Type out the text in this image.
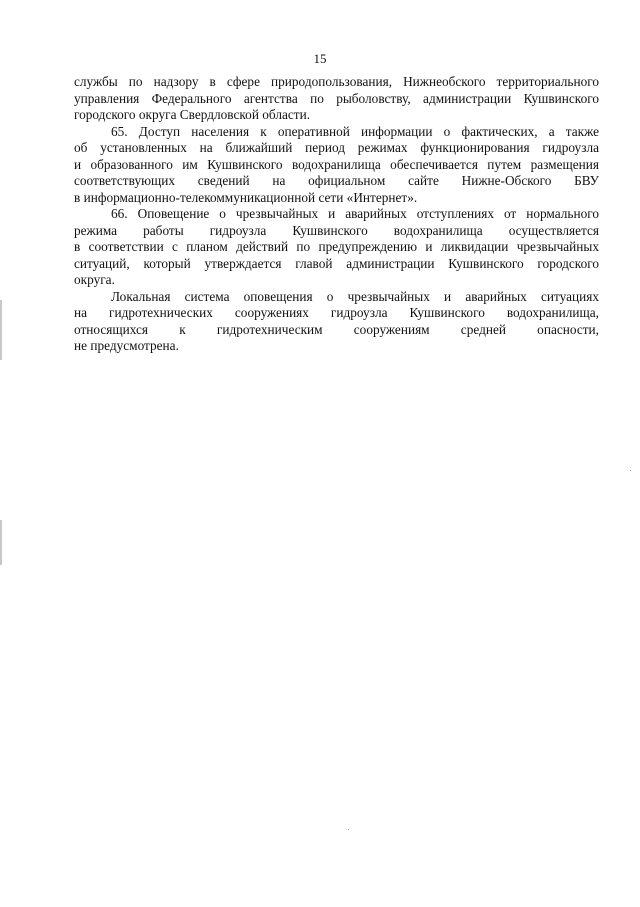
15
службы по надзору в сфере природопользования, Нижнеобского территориального
управления Федерального агентства по рыболовству, администрации Кушвинского
городского округа Свердловской области.
65. Доступ населения к оперативной информации о фактических, а также
об установленных на ближайший период режимах функционирования гидроузла
и образованного им Кушвинского водохранилища обеспечивается путем размещения
соответствующих сведений на официальном сайте Нижне-Обского БВУ
в информационно-телекоммуникационной сети «Интернет».
66. Оповещение о чрезвычайных и аварийных отступлениях от нормального
режима работы гидроузла Кушвинского водохранилища осуществляется
в соответствии с планом действий по предупреждению и ликвидации чрезвычайных
ситуаций, который утверждается главой администрации Кушвинского городского
округа.
Локальная система оповещения о чрезвычайных и аварийных ситуациях
на гидротехнических сооружениях гидроузла Кушвинского водохранилища,
относящихся к гидротехническим сооружениям средней опасности,
не предусмотрена.
